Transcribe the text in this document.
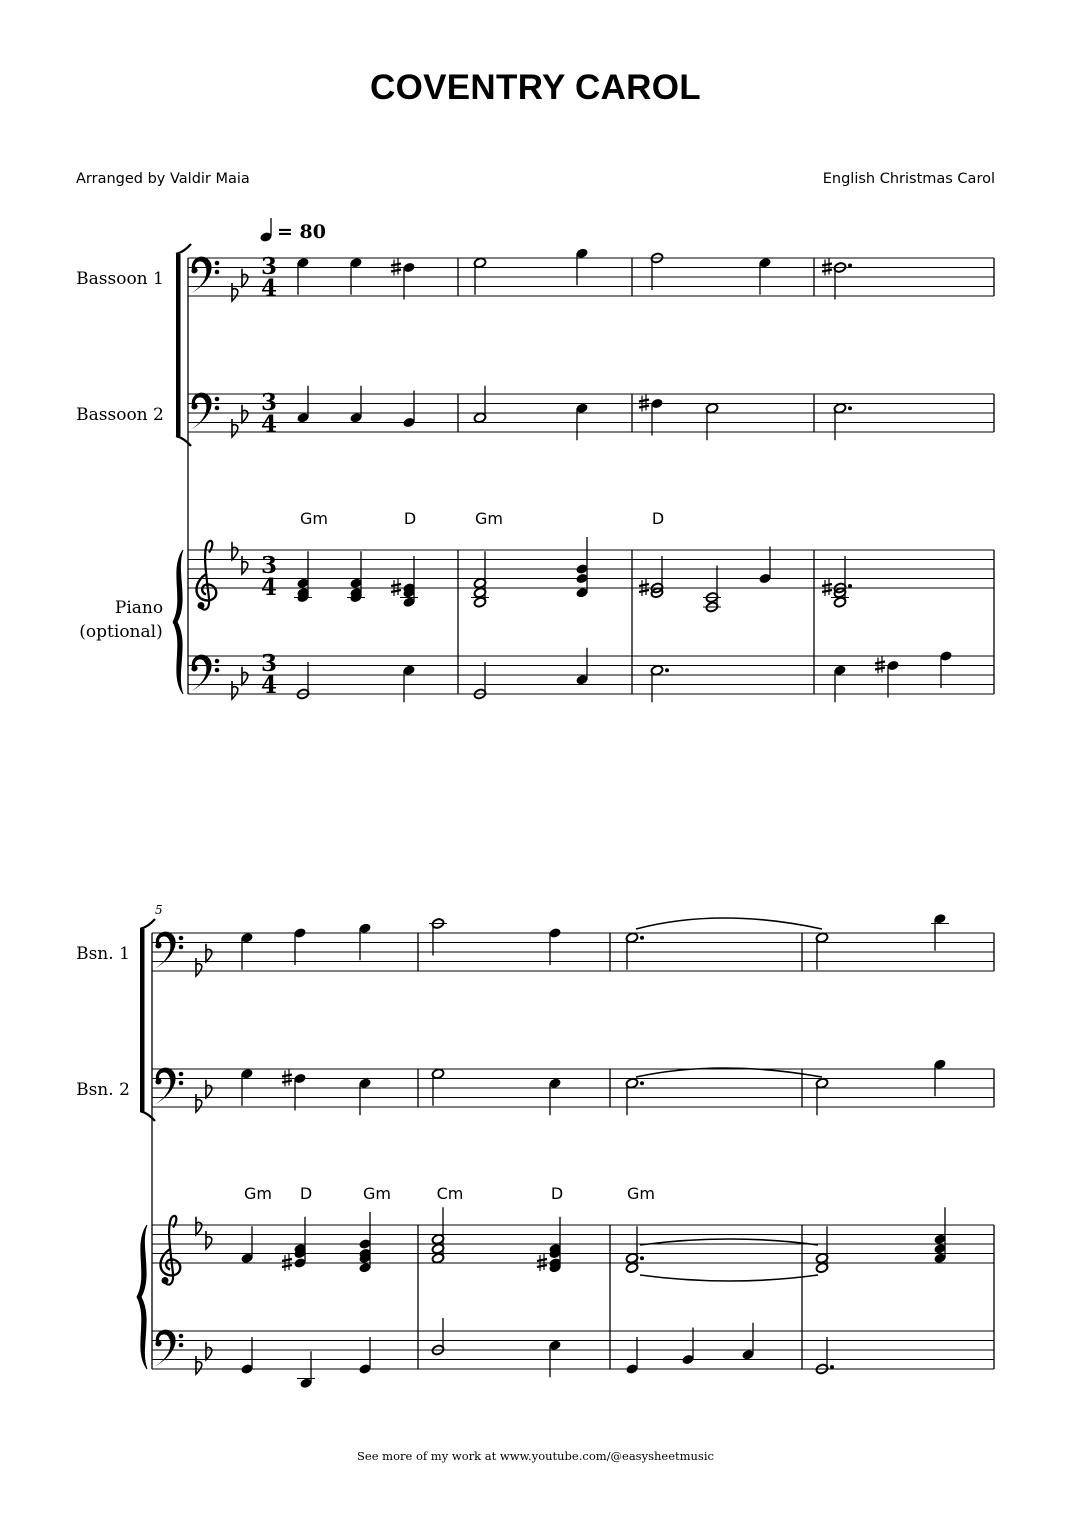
COVENTRY CAROL
Arranged by Valdir Maia	English Christmas Carol
= 80
Bassoon 1
Bassoon 2
Piano
(optional)
Gm	D	Gm	D
5
Bsn. 1
Bsn. 2
Gm D	Gm	Cm	D	Gm
3
4
3
4
3
4
3
4
See more of my work at www.youtube.com/@easysheetmusic
